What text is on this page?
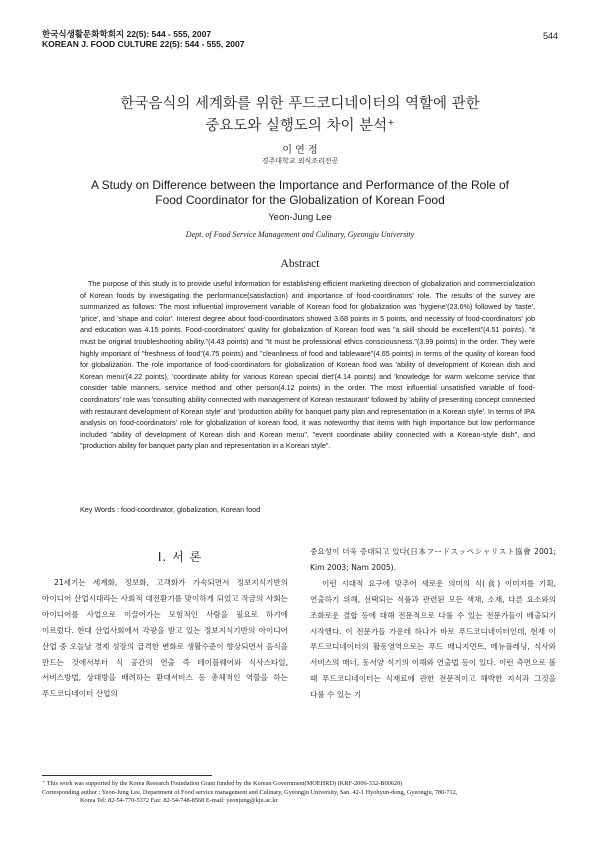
한국식생활문화학회지 22(5): 544 - 555, 2007
KOREAN J. FOOD CULTURE 22(5): 544 - 555, 2007
544
한국음식의 세계화를 위한 푸드코디네이터의 역할에 관한
중요도와 실행도의 차이 분석⁺
이 연 정
경주대학교 외식조리전공
A Study on Difference between the Importance and Performance of the Role of
Food Coordinator for the Globalization of Korean Food
Yeon-Jung Lee
Dept. of Food Service Management and Culinary, Gyeongju University
Abstract
The purpose of this study is to provide useful information for establishing efficient marketing direction of globalization and commercialization of Korean foods by investigating the performance(satisfaction) and importance of food-coordinators' role. The results of the survey are summarized as follows: The most influential improvement variable of Korean food for globalization was 'hygiene'(23.6%) followed by 'taste', 'price', and 'shape and color'. Interest degree about food-coordinators showed 3.68 points in 5 points, and necessity of food-coordinators' job and education was 4.15 points. Food-coordinators' quality for globalization of Korean food was "a skill should be excellent"(4.51 points), "it must be original troubleshooting ability."(4.43 points) and "It must be professional ethics consciousness."(3.99 points) in the order. They were highly important of "freshness of food"(4.75 points) and "cleanliness of food and tableware"(4.65 points) in terms of the quality of korean food for globalization. The role importance of food-coordinators for globalization of Korean food was 'ability of development of Korean dish and Korean menu'(4.22 points), 'coordinate ability for various Korean special diet'(4.14 points) and 'knowledge for warm welcome service that consider table manners, service method and other person(4.12 points) in the order. The most influential unsatisfied variable of food-coordinators' role was 'consulting ability connected with management of Korean restaurant' followed by 'ability of presenting concept connected with restaurant development of Korean style' and 'production ability for banquet party plan and representation in a Korean style'. In terms of IPA analysis on food-coordinators' role for globalization of korean food, it was noteworthy that items with high importance but low performance included "ability of development of Korean dish and Korean menu", "event coordinate ability connected with a Korean-style dish", and "production ability for banquet party plan and representation in a Korean style".
Key Words : food-coordinator, globalization, Korean food
I. 서 론

21세기는 세계화, 정보화, 고객화가 가속되면서 정보지식기반의 아이디어 산업시대라는 사회적 대전환기를 맞이하게 되었고 작금의 사회는 아이디어를 사업으로 이끌어가는 모험적인 사람을 필요로 하기에 이르렀다. 현대 산업사회에서 각광을 받고 있는 정보지식기반의 아이디어 산업 중 오늘날 경제 성장의 급격한 변화로 생활수준이 향상되면서 음식을 만드는 것에서부터 식 공간의 연출 즉 테이블웨어와 식사스타일, 서비스방법, 상대방을 배려하는 환대서비스 등 총체적인 역할을 하는 푸드코디네이터 산업의

중요성이 더욱 증대되고 있다(日本フードスッペシャリスト協會 2001; Kim 2003; Nam 2005).

이런 시대적 요구에 맞추어 새로운 의미의 식(食) 이미지를 기획, 연출하기 위해, 선택되는 식품과 관련된 모든 색채, 소재, 다른 요소와의 조화로운 결합 등에 대해 전문적으로 다룰 수 있는 전문가들이 배출되기 시작했다. 이 전문가들 가운데 하나가 바로 푸드코디네이터인데, 현재 이 푸드코디네이터의 활동영역으로는 푸드 매니지먼트, 메뉴플레닝, 식사와 서비스의 매너, 동서양 식기의 이해와 연출법 등이 있다. 이런 측면으로 볼 때 푸드코디네이터는 식재료에 관한 전문적이고 해박한 지식과 그것을 다룰 수 있는 기

⁺ This work was supported by the Korea Research Foundation Grant funded by the Korean Government(MOEHRD) (KRF-2006-332-B00620)
Corresponding author : Yeon-Jung Lee, Department of Food service management and Culinary, Gyeongju University, San. 42-1 Hyohyun-dong, Gyeongju, 780-712,
Korea Tel: 82-54-770-5372 Fax: 82-54-748-8568 E-mail: yeonjung@kju.ac.kr
